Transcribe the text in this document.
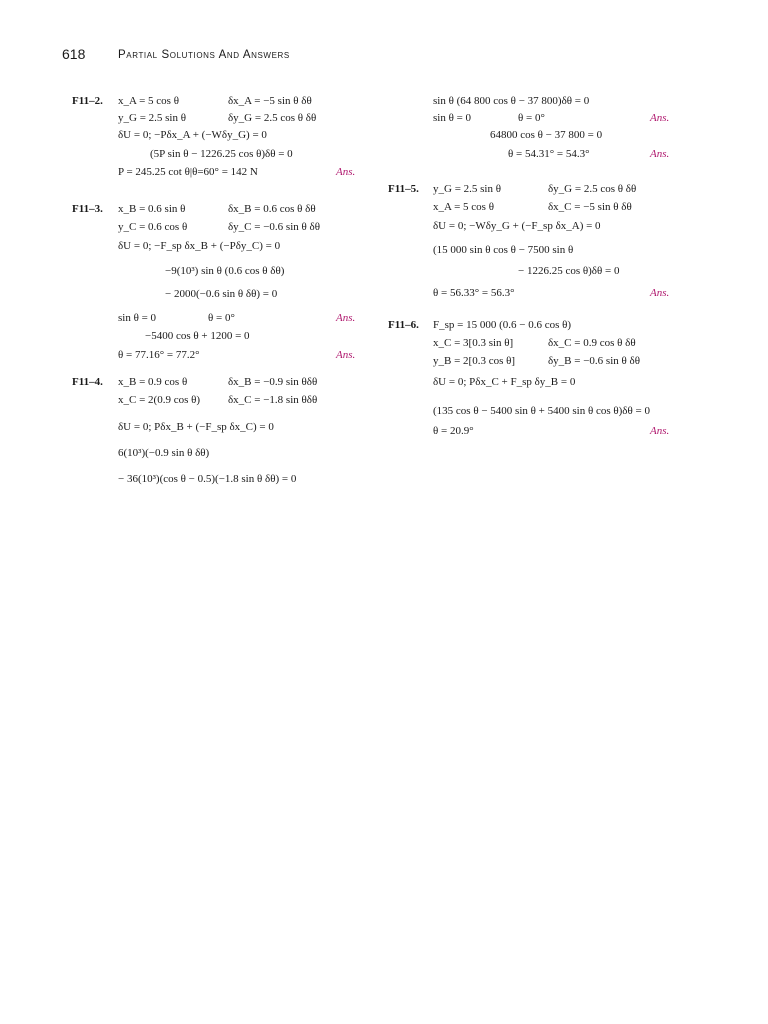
618	Partial Solutions And Answers
F11–2. x_A = 5 cos θ	δx_A = −5 sin θ δθ
y_G = 2.5 sin θ	δy_G = 2.5 cos θ δθ
δU = 0; −Pδx_A + (−Wδy_G) = 0
(5P sin θ − 1226.25 cos θ)δθ = 0
P = 245.25 cot θ|θ=60° = 142 N	Ans.
F11–3. x_B = 0.6 sin θ	δx_B = 0.6 cos θ δθ
y_C = 0.6 cos θ	δy_C = −0.6 sin θ δθ
δU = 0; −F_sp δx_B + (−Pδy_C) = 0
−9(10³) sin θ (0.6 cos θ δθ)
− 2000(−0.6 sin θ δθ) = 0
sin θ = 0	θ = 0°	Ans.
−5400 cos θ + 1200 = 0
θ = 77.16° = 77.2°	Ans.
F11–4. x_B = 0.9 cos θ	δx_B = −0.9 sin θδθ
x_C = 2(0.9 cos θ)	δx_C = −1.8 sin θδθ
δU = 0; Pδx_B + (−F_sp δx_C) = 0
6(10³)(−0.9 sin θ δθ)
− 36(10³)(cos θ − 0.5)(−1.8 sin θ δθ) = 0
sin θ (64 800 cos θ − 37 800)δθ = 0
sin θ = 0	θ = 0°	Ans.
64800 cos θ − 37 800 = 0
θ = 54.31° = 54.3°	Ans.
F11–5. y_G = 2.5 sin θ	δy_G = 2.5 cos θ δθ
x_A = 5 cos θ	δx_C = −5 sin θ δθ
δU = 0; −Wδy_G + (−F_sp δx_A) = 0
(15 000 sin θ cos θ − 7500 sin θ
− 1226.25 cos θ)δθ = 0
θ = 56.33° = 56.3°	Ans.
F11–6. F_sp = 15 000 (0.6 − 0.6 cos θ)
x_C = 3[0.3 sin θ]	δx_C = 0.9 cos θ δθ
y_B = 2[0.3 cos θ]	δy_B = −0.6 sin θ δθ
δU = 0; Pδx_C + F_sp δy_B = 0
(135 cos θ − 5400 sin θ + 5400 sin θ cos θ)δθ = 0
θ = 20.9°	Ans.
